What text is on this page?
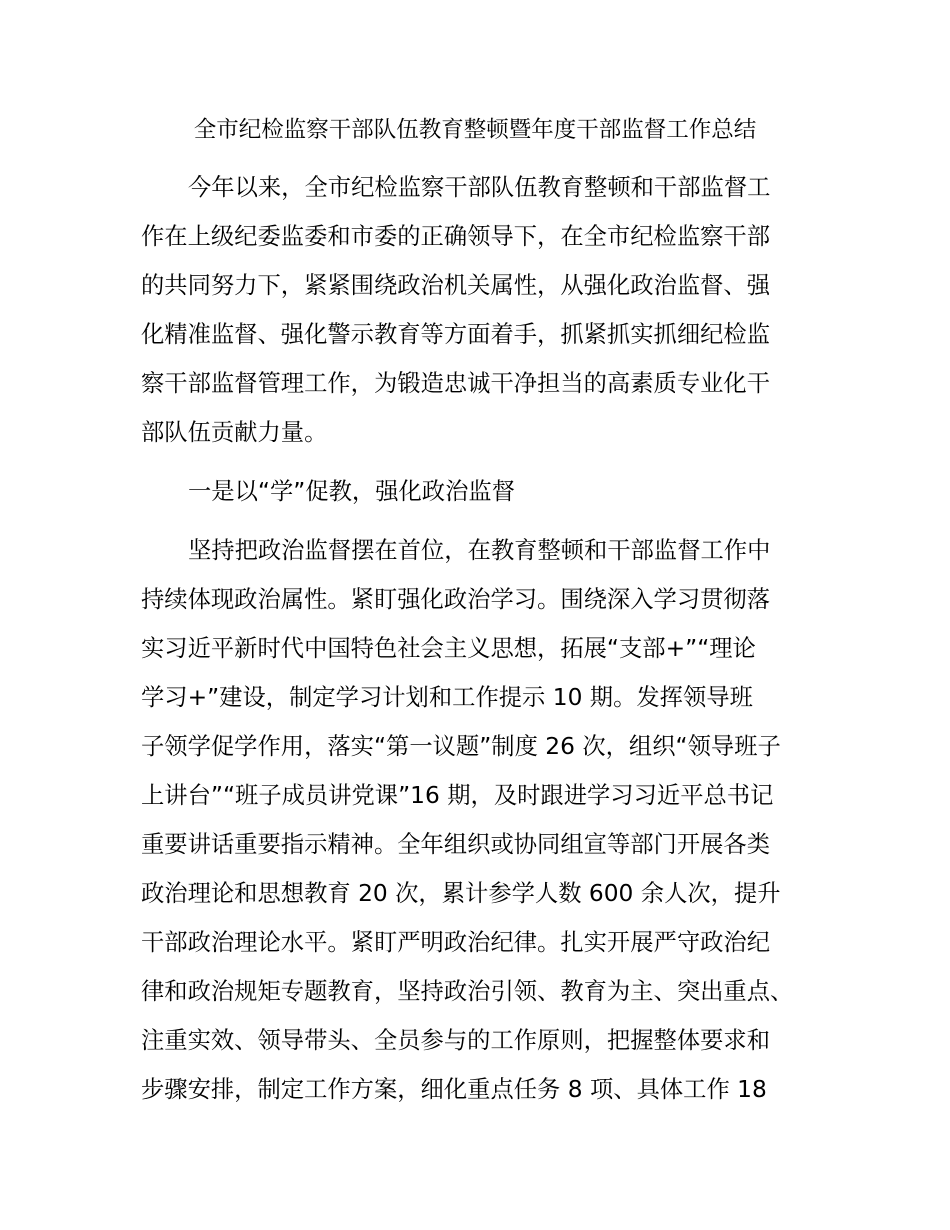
全市纪检监察干部队伍教育整顿暨年度干部监督工作总结

今年以来，全市纪检监察干部队伍教育整顿和干部监督工

作在上级纪委监委和市委的正确领导下，在全市纪检监察干部

的共同努力下，紧紧围绕政治机关属性，从强化政治监督、强

化精准监督、强化警示教育等方面着手，抓紧抓实抓细纪检监

察干部监督管理工作，为锻造忠诚干净担当的高素质专业化干

部队伍贡献力量。

一是以“学”促教，强化政治监督

坚持把政治监督摆在首位，在教育整顿和干部监督工作中

持续体现政治属性。紧盯强化政治学习。围绕深入学习贯彻落

实习近平新时代中国特色社会主义思想，拓展“支部+”“理论

学习+”建设，制定学习计划和工作提示 10 期。发挥领导班

子领学促学作用，落实“第一议题”制度 26 次，组织“领导班子

上讲台”“班子成员讲党课”16 期，及时跟进学习习近平总书记

重要讲话重要指示精神。全年组织或协同组宣等部门开展各类

政治理论和思想教育 20 次，累计参学人数 600 余人次，提升

干部政治理论水平。紧盯严明政治纪律。扎实开展严守政治纪

律和政治规矩专题教育，坚持政治引领、教育为主、突出重点、

注重实效、领导带头、全员参与的工作原则，把握整体要求和

步骤安排，制定工作方案，细化重点任务 8 项、具体工作 18
